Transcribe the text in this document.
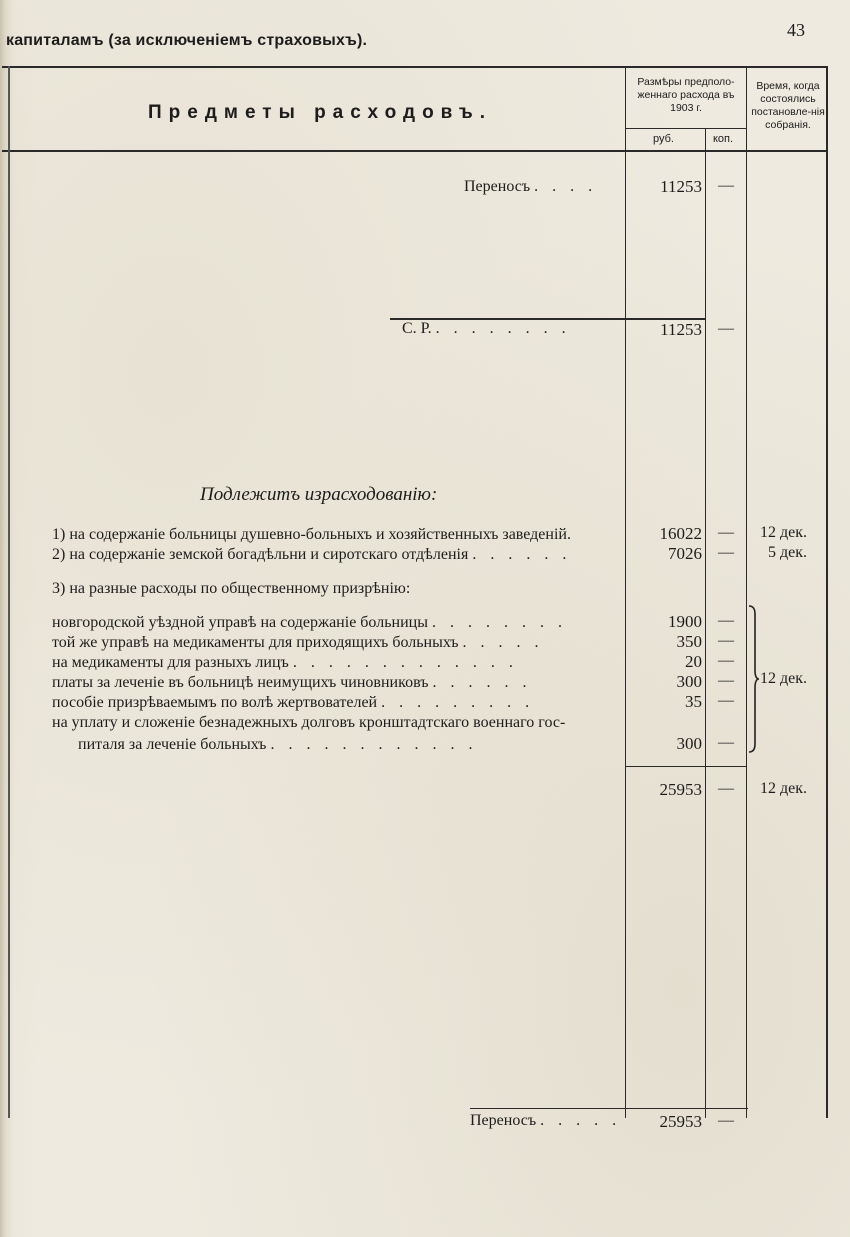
капиталамъ (за исключеніемъ страховыхъ).
43
Предметы расходовъ.
Размѣры предполо-женнаго расхода въ 1903 г.
Время, когда состоялись постановле-нія собранія.
руб.	коп.
Переносъ . . . .	11253	—
С. Р. . . . . . . . .	11253	—
Подлежитъ израсходованію:
1) на содержаніе больницы душевно-больныхъ и хозяйственныхъ заведеній.	16022	—	12 дек.
2) на содержаніе земской богадѣльни и сиротскаго отдѣленія . . . . . .	7026	—	5 дек.
3) на разные расходы по общественному призрѣнію:
новгородской уѣздной управѣ на содержаніе больницы . . . . . . . .	1900	—
той же управѣ на медикаменты для приходящихъ больныхъ . . . . .	350	—
на медикаменты для разныхъ лицъ . . . . . . . . . . . . .	20	—
платы за леченіе въ больницѣ неимущихъ чиновниковъ . . . . . .	300	—
пособіе призрѣваемымъ по волѣ жертвователей . . . . . . . . .	35	—
на уплату и сложеніе безнадежныхъ долговъ кронштадтскаго военнаго гос-
питаля за леченіе больныхъ . . . . . . . . . . . .	300	—
12 дек.
25953	—	12 дек.
Переносъ . . . . .	25953	—
